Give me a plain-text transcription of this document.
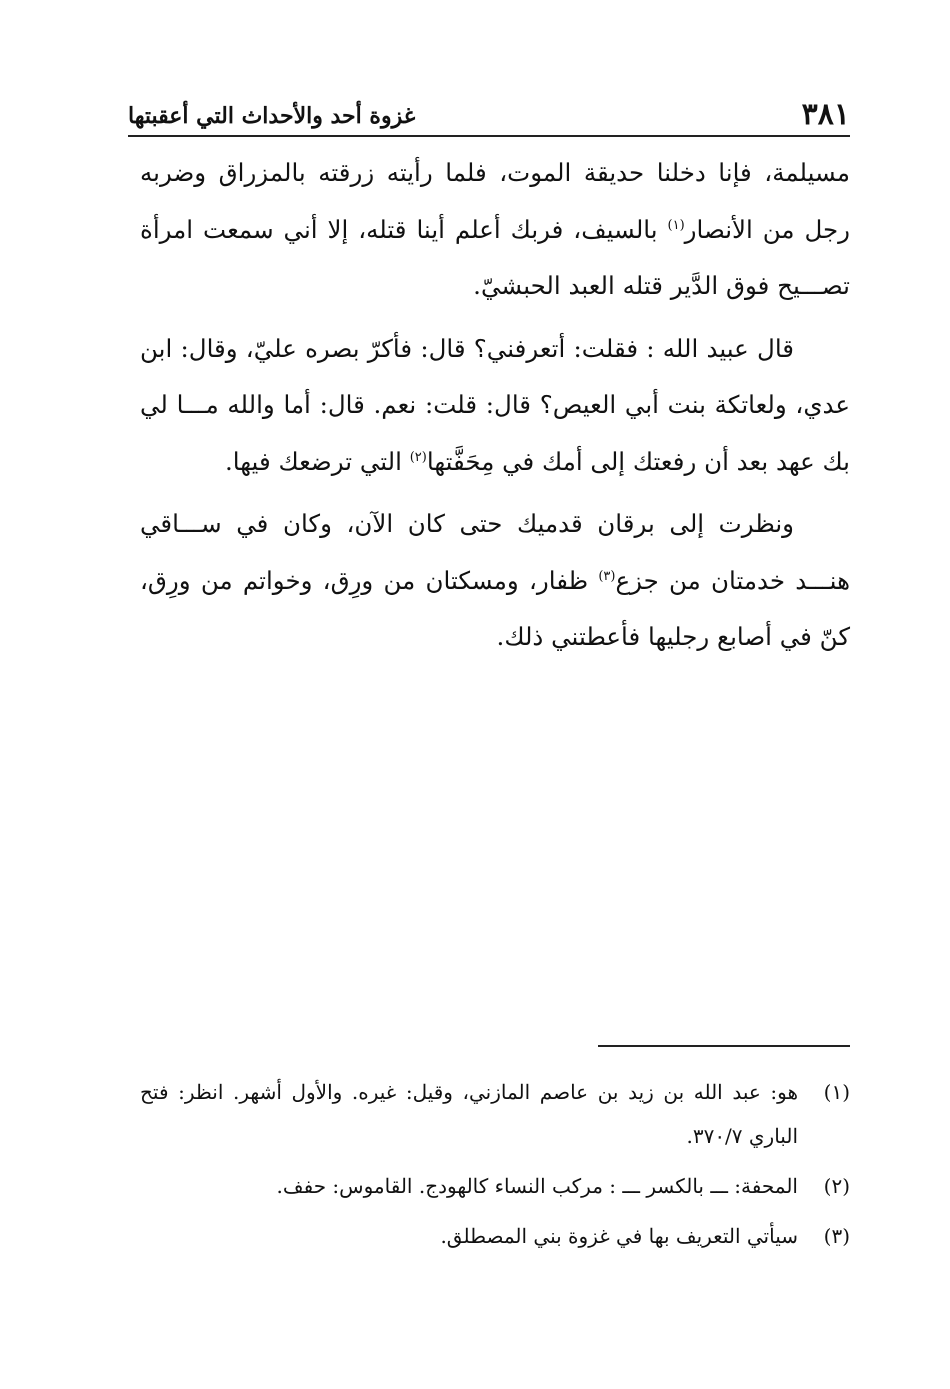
٣٨١
غزوة أحد والأحداث التي أعقبتها

مسيلمة، فإنا دخلنا حديقة الموت، فلما رأيته زرقته بالمزراق وضربه رجل من الأنصار$^{(١)}$ بالسيف، فربك أعلم أينا قتله، إلا أني سمعت امرأة تصـــيح فوق الدَّير قتله العبد الحبشيّ.

قال عبيد الله : فقلت: أتعرفني؟ قال: فأكرّ بصره عليّ، وقال: ابن عدي، ولعاتكة بنت أبي العيص؟ قال: قلت: نعم. قال: أما والله مـــا لي بك عهد بعد أن رفعتك إلى أمك في مِحَفَّتها$^{(٢)}$ التي ترضعك فيها.

ونظرت إلى برقان قدميك حتى كان الآن، وكان في ســـاقي هنـــد خدمتان من جزع$^{(٣)}$ ظفار، ومسكتان من ورِق، وخواتم من ورِق، كنّ في أصابع رجليها فأعطتني ذلك.

(١)
هو: عبد الله بن زيد بن عاصم المازني، وقيل: غيره. والأول أشهر. انظر: فتح الباري ٣٧٠/٧.
(٢)
المحفة: ـــ بالكسر ـــ : مركب النساء كالهودج. القاموس: حفف.
(٣)
سيأتي التعريف بها في غزوة بني المصطلق.
